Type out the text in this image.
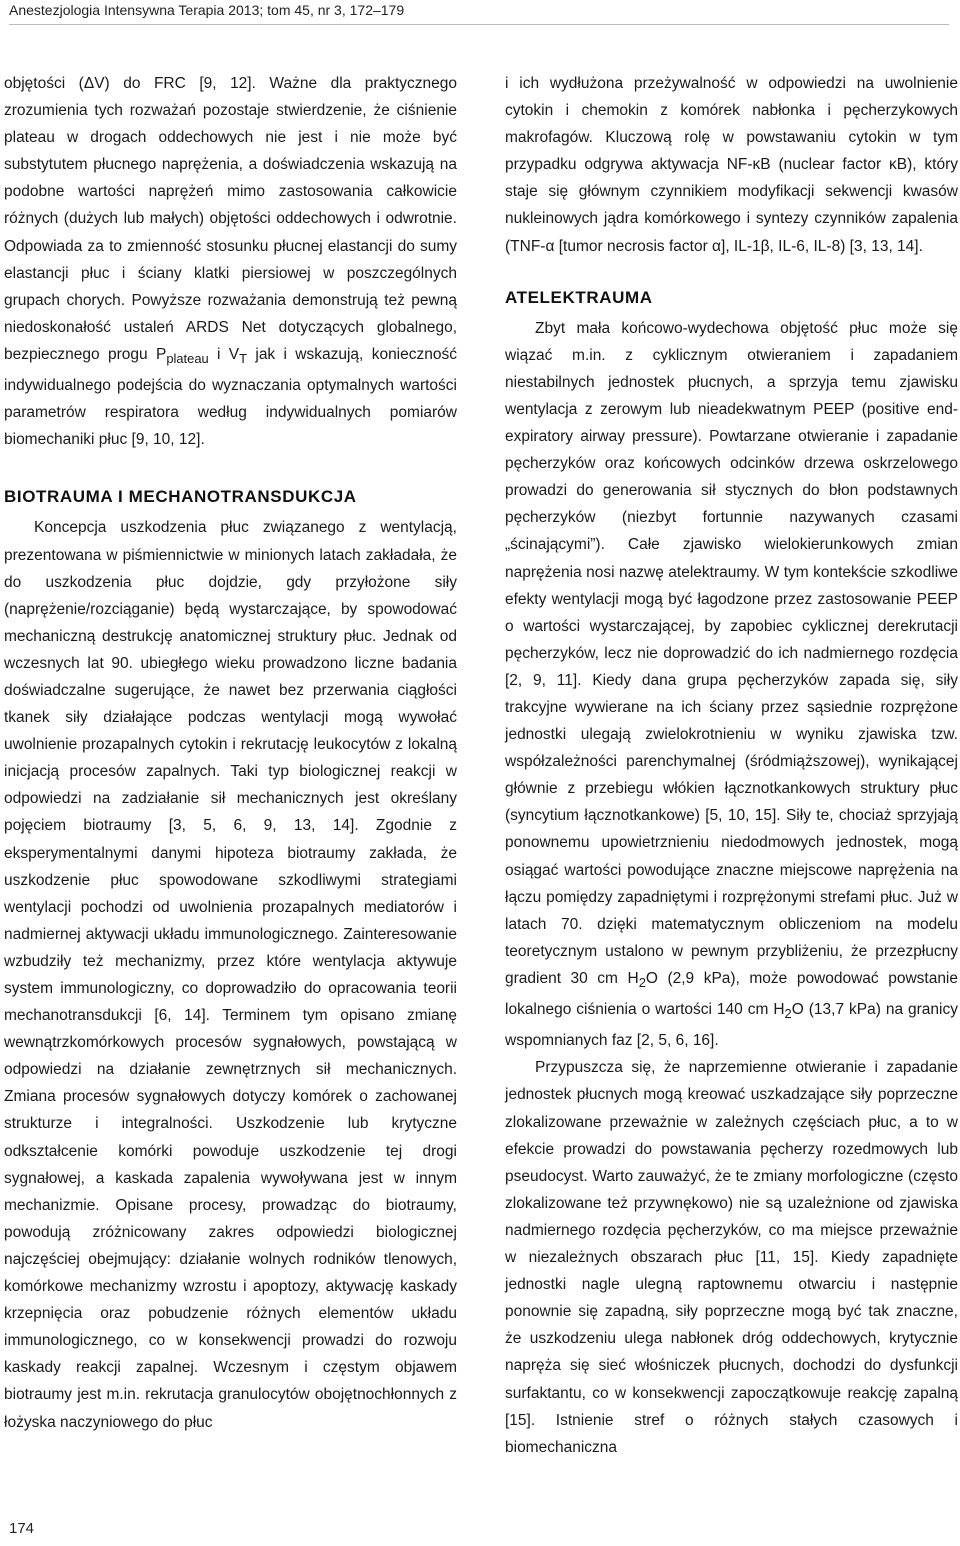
Anestezjologia Intensywna Terapia 2013; tom 45, nr 3, 172–179

objętości (ΔV) do FRC [9, 12]. Ważne dla praktycznego zrozumienia tych rozważań pozostaje stwierdzenie, że ciśnienie plateau w drogach oddechowych nie jest i nie może być substytutem płucnego naprężenia, a doświadczenia wskazują na podobne wartości naprężeń mimo zastosowania całkowicie różnych (dużych lub małych) objętości oddechowych i odwrotnie. Odpowiada za to zmienność stosunku płucnej elastancji do sumy elastancji płuc i ściany klatki piersiowej w poszczególnych grupach chorych. Powyższe rozważania demonstrują też pewną niedoskonałość ustaleń ARDS Net dotyczących globalnego, bezpiecznego progu $P_{plateau}$ i $V_T$ jak i wskazują, konieczność indywidualnego podejścia do wyznaczania optymalnych wartości parametrów respiratora według indywidualnych pomiarów biomechaniki płuc [9, 10, 12].

BIOTRAUMA I MECHANOTRANSDUKCJA

Koncepcja uszkodzenia płuc związanego z wentylacją, prezentowana w piśmiennictwie w minionych latach zakładała, że do uszkodzenia płuc dojdzie, gdy przyłożone siły (naprężenie/rozciąganie) będą wystarczające, by spowodować mechaniczną destrukcję anatomicznej struktury płuc. Jednak od wczesnych lat 90. ubiegłego wieku prowadzono liczne badania doświadczalne sugerujące, że nawet bez przerwania ciągłości tkanek siły działające podczas wentylacji mogą wywołać uwolnienie prozapalnych cytokin i rekrutację leukocytów z lokalną inicjacją procesów zapalnych. Taki typ biologicznej reakcji w odpowiedzi na zadziałanie sił mechanicznych jest określany pojęciem biotraumy [3, 5, 6, 9, 13, 14]. Zgodnie z eksperymentalnymi danymi hipoteza biotraumy zakłada, że uszkodzenie płuc spowodowane szkodliwymi strategiami wentylacji pochodzi od uwolnienia prozapalnych mediatorów i nadmiernej aktywacji układu immunologicznego. Zainteresowanie wzbudziły też mechanizmy, przez które wentylacja aktywuje system immunologiczny, co doprowadziło do opracowania teorii mechanotransdukcji [6, 14]. Terminem tym opisano zmianę wewnątrzkomórkowych procesów sygnałowych, powstającą w odpowiedzi na działanie zewnętrznych sił mechanicznych. Zmiana procesów sygnałowych dotyczy komórek o zachowanej strukturze i integralności. Uszkodzenie lub krytyczne odkształcenie komórki powoduje uszkodzenie tej drogi sygnałowej, a kaskada zapalenia wywoływana jest w innym mechanizmie. Opisane procesy, prowadząc do biotraumy, powodują zróżnicowany zakres odpowiedzi biologicznej najczęściej obejmujący: działanie wolnych rodników tlenowych, komórkowe mechanizmy wzrostu i apoptozy, aktywację kaskady krzepnięcia oraz pobudzenie różnych elementów układu immunologicznego, co w konsekwencji prowadzi do rozwoju kaskady reakcji zapalnej. Wczesnym i częstym objawem biotraumy jest m.in. rekrutacja granulocytów obojętnochłonnych z łożyska naczyniowego do płuc

i ich wydłużona przeżywalność w odpowiedzi na uwolnienie cytokin i chemokin z komórek nabłonka i pęcherzykowych makrofagów. Kluczową rolę w powstawaniu cytokin w tym przypadku odgrywa aktywacja NF-κB (nuclear factor κB), który staje się głównym czynnikiem modyfikacji sekwencji kwasów nukleinowych jądra komórkowego i syntezy czynników zapalenia (TNF-α [tumor necrosis factor α], IL-1β, IL-6, IL-8) [3, 13, 14].

ATELEKTRAUMA

Zbyt mała końcowo-wydechowa objętość płuc może się wiązać m.in. z cyklicznym otwieraniem i zapadaniem niestabilnych jednostek płucnych, a sprzyja temu zjawisku wentylacja z zerowym lub nieadekwatnym PEEP (positive end-expiratory airway pressure). Powtarzane otwieranie i zapadanie pęcherzyków oraz końcowych odcinków drzewa oskrzelowego prowadzi do generowania sił stycznych do błon podstawnych pęcherzyków (niezbyt fortunnie nazywanych czasami „ścinającymi”). Całe zjawisko wielokierunkowych zmian naprężenia nosi nazwę atelektraumy. W tym kontekście szkodliwe efekty wentylacji mogą być łagodzone przez zastosowanie PEEP o wartości wystarczającej, by zapobiec cyklicznej derekrutacji pęcherzyków, lecz nie doprowadzić do ich nadmiernego rozdęcia [2, 9, 11]. Kiedy dana grupa pęcherzyków zapada się, siły trakcyjne wywierane na ich ściany przez sąsiednie rozprężone jednostki ulegają zwielokrotnieniu w wyniku zjawiska tzw. współzależności parenchymalnej (śródmiąższowej), wynikającej głównie z przebiegu włókien łącznotkankowych struktury płuc (syncytium łącznotkankowe) [5, 10, 15]. Siły te, chociaż sprzyjają ponownemu upowietrznieniu niedodmowych jednostek, mogą osiągać wartości powodujące znaczne miejscowe naprężenia na łączu pomiędzy zapadniętymi i rozprężonymi strefami płuc. Już w latach 70. dzięki matematycznym obliczeniom na modelu teoretycznym ustalono w pewnym przybliżeniu, że przezpłucny gradient 30 cm $H_2O$ (2,9 kPa), może powodować powstanie lokalnego ciśnienia o wartości 140 cm $H_2O$ (13,7 kPa) na granicy wspomnianych faz [2, 5, 6, 16].

Przypuszcza się, że naprzemienne otwieranie i zapadanie jednostek płucnych mogą kreować uszkadzające siły poprzeczne zlokalizowane przeważnie w zależnych częściach płuc, a to w efekcie prowadzi do powstawania pęcherzy rozedmowych lub pseudocyst. Warto zauważyć, że te zmiany morfologiczne (często zlokalizowane też przywnękowo) nie są uzależnione od zjawiska nadmiernego rozdęcia pęcherzyków, co ma miejsce przeważnie w niezależnych obszarach płuc [11, 15]. Kiedy zapadnięte jednostki nagle ulegną raptownemu otwarciu i następnie ponownie się zapadną, siły poprzeczne mogą być tak znaczne, że uszkodzeniu ulega nabłonek dróg oddechowych, krytycznie napręża się sieć włośniczek płucnych, dochodzi do dysfunkcji surfaktantu, co w konsekwencji zapoczątkowuje reakcję zapalną [15]. Istnienie stref o różnych stałych czasowych i biomechaniczna

174
